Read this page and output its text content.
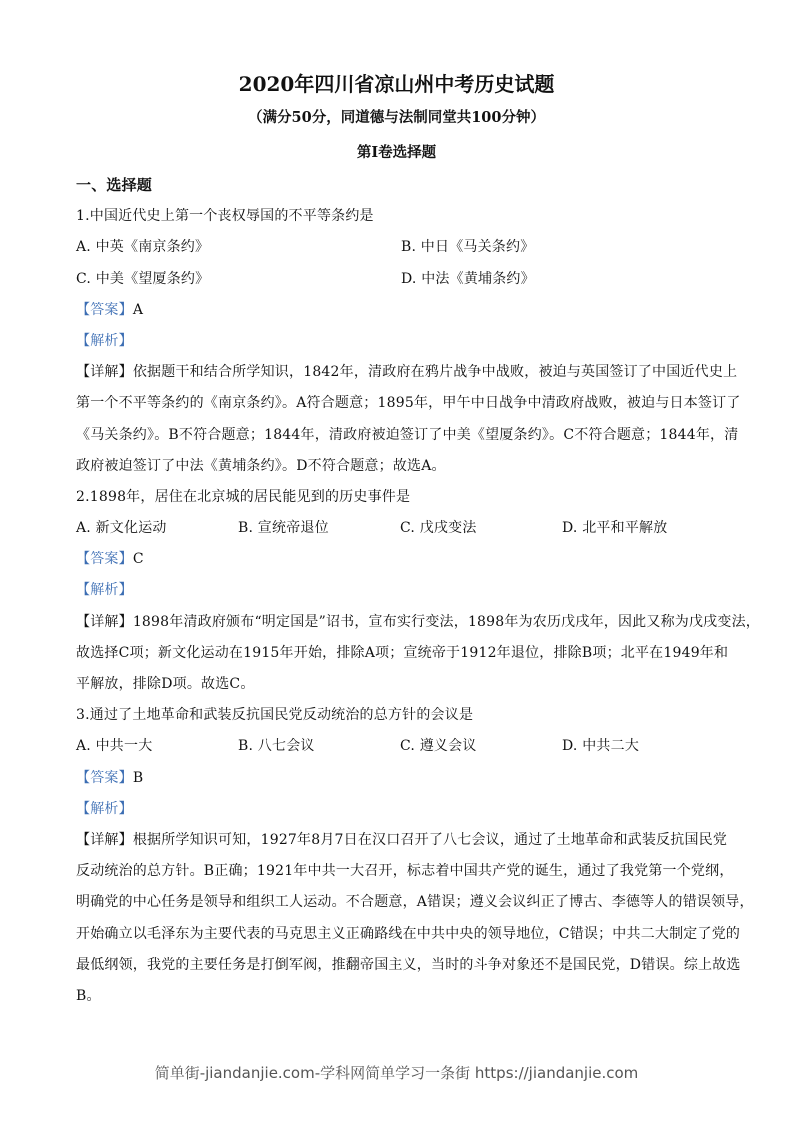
2020年四川省凉山州中考历史试题
（满分50分，同道德与法制同堂共100分钟）
第Ⅰ卷选择题
一、选择题
1.中国近代史上第一个丧权辱国的不平等条约是
A. 中英《南京条约》	B. 中日《马关条约》
C. 中美《望厦条约》	D. 中法《黄埔条约》
【答案】A
【解析】
【详解】依据题干和结合所学知识，1842年，清政府在鸦片战争中战败，被迫与英国签订了中国近代史上
第一个不平等条约的《南京条约》。A符合题意；1895年，甲午中日战争中清政府战败，被迫与日本签订了
《马关条约》。B不符合题意；1844年，清政府被迫签订了中美《望厦条约》。C不符合题意；1844年，清
政府被迫签订了中法《黄埔条约》。D不符合题意；故选A。
2.1898年，居住在北京城的居民能见到的历史事件是
A. 新文化运动	B. 宣统帝退位	C. 戊戌变法	D. 北平和平解放
【答案】C
【解析】
【详解】1898年清政府颁布“明定国是”诏书，宣布实行变法，1898年为农历戊戌年，因此又称为戊戌变法，
故选择C项；新文化运动在1915年开始，排除A项；宣统帝于1912年退位，排除B项；北平在1949年和
平解放，排除D项。故选C。
3.通过了土地革命和武装反抗国民党反动统治的总方针的会议是
A. 中共一大	B. 八七会议	C. 遵义会议	D. 中共二大
【答案】B
【解析】
【详解】根据所学知识可知，1927年8月7日在汉口召开了八七会议，通过了土地革命和武装反抗国民党
反动统治的总方针。B正确；1921年中共一大召开，标志着中国共产党的诞生，通过了我党第一个党纲，
明确党的中心任务是领导和组织工人运动。不合题意，A错误；遵义会议纠正了博古、李德等人的错误领导，
开始确立以毛泽东为主要代表的马克思主义正确路线在中共中央的领导地位，C错误；中共二大制定了党的
最低纲领，我党的主要任务是打倒军阀，推翻帝国主义，当时的斗争对象还不是国民党，D错误。综上故选
B。
简单街-jiandanjie.com-学科网简单学习一条街 https://jiandanjie.com
